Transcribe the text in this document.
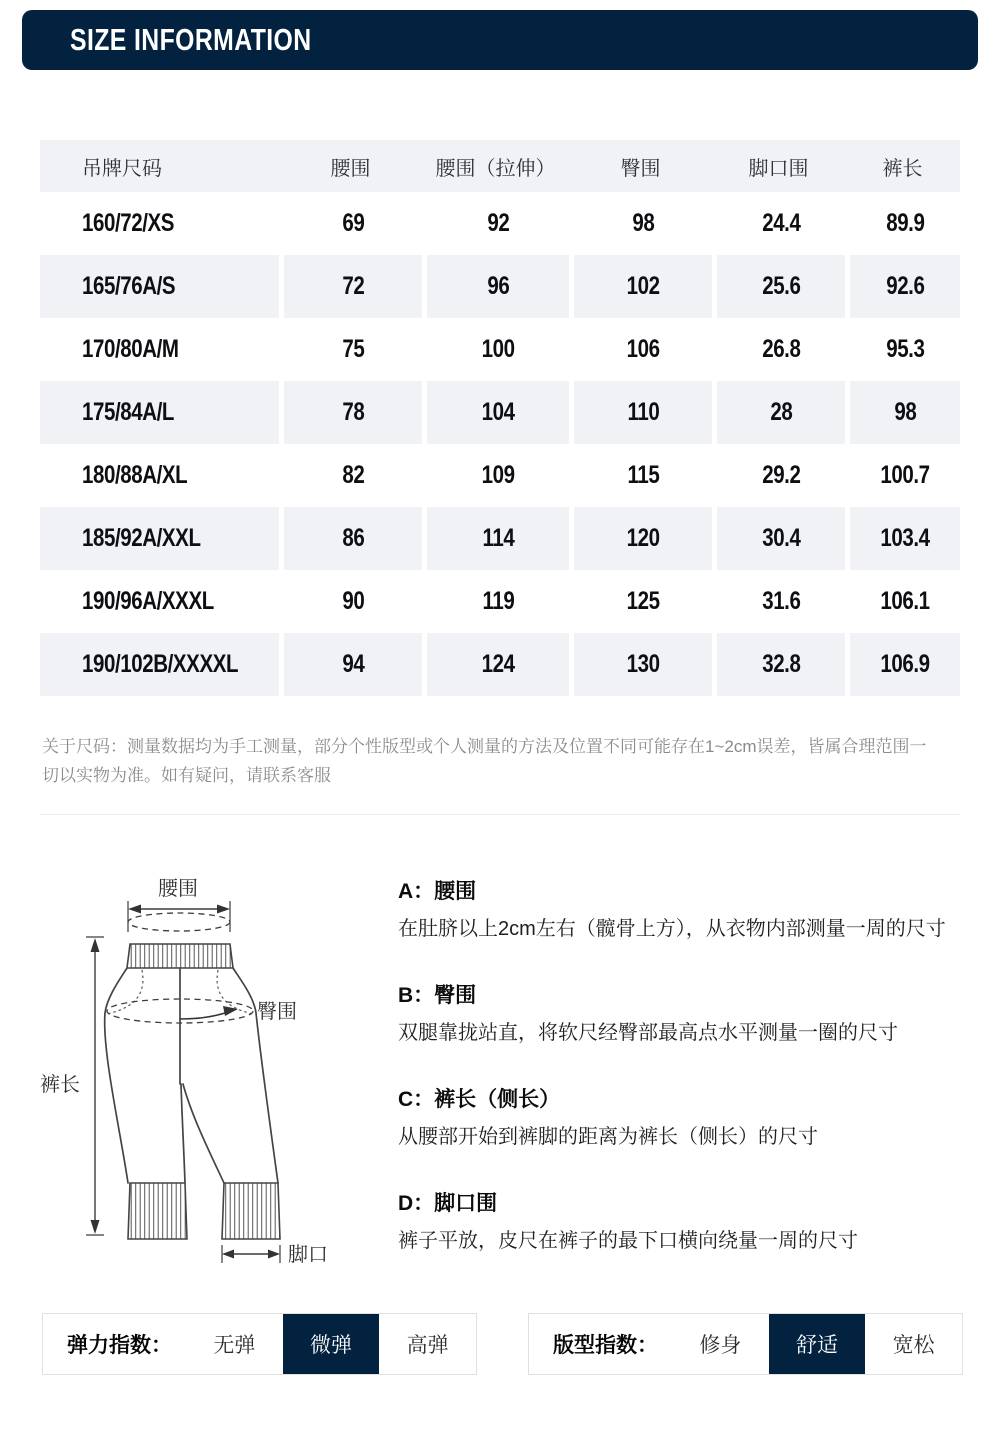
SIZE INFORMATION
吊牌尺码	腰围	腰围（拉伸）	臀围	脚口围	裤长
160/72/XS	69	92	98	24.4	89.9
165/76A/S	72	96	102	25.6	92.6
170/80A/M	75	100	106	26.8	95.3
175/84A/L	78	104	110	28	98
180/88A/XL	82	109	115	29.2	100.7
185/92A/XXL	86	114	120	30.4	103.4
190/96A/XXXL	90	119	125	31.6	106.1
190/102B/XXXXL	94	124	130	32.8	106.9

关于尺码：测量数据均为手工测量，部分个性版型或个人测量的方法及位置不同可能存在1~2cm误差，皆属合理范围一切以实物为准。如有疑问，请联系客服

腰围
臀围
裤长
脚口
A：腰围
在肚脐以上2cm左右（髋骨上方），从衣物内部测量一周的尺寸
B：臀围
双腿靠拢站直，将软尺经臀部最高点水平测量一圈的尺寸
C：裤长（侧长）
从腰部开始到裤脚的距离为裤长（侧长）的尺寸
D：脚口围
裤子平放，皮尺在裤子的最下口横向绕量一周的尺寸
弹力指数：	无弹	微弹	高弹	版型指数：	修身	舒适	宽松
